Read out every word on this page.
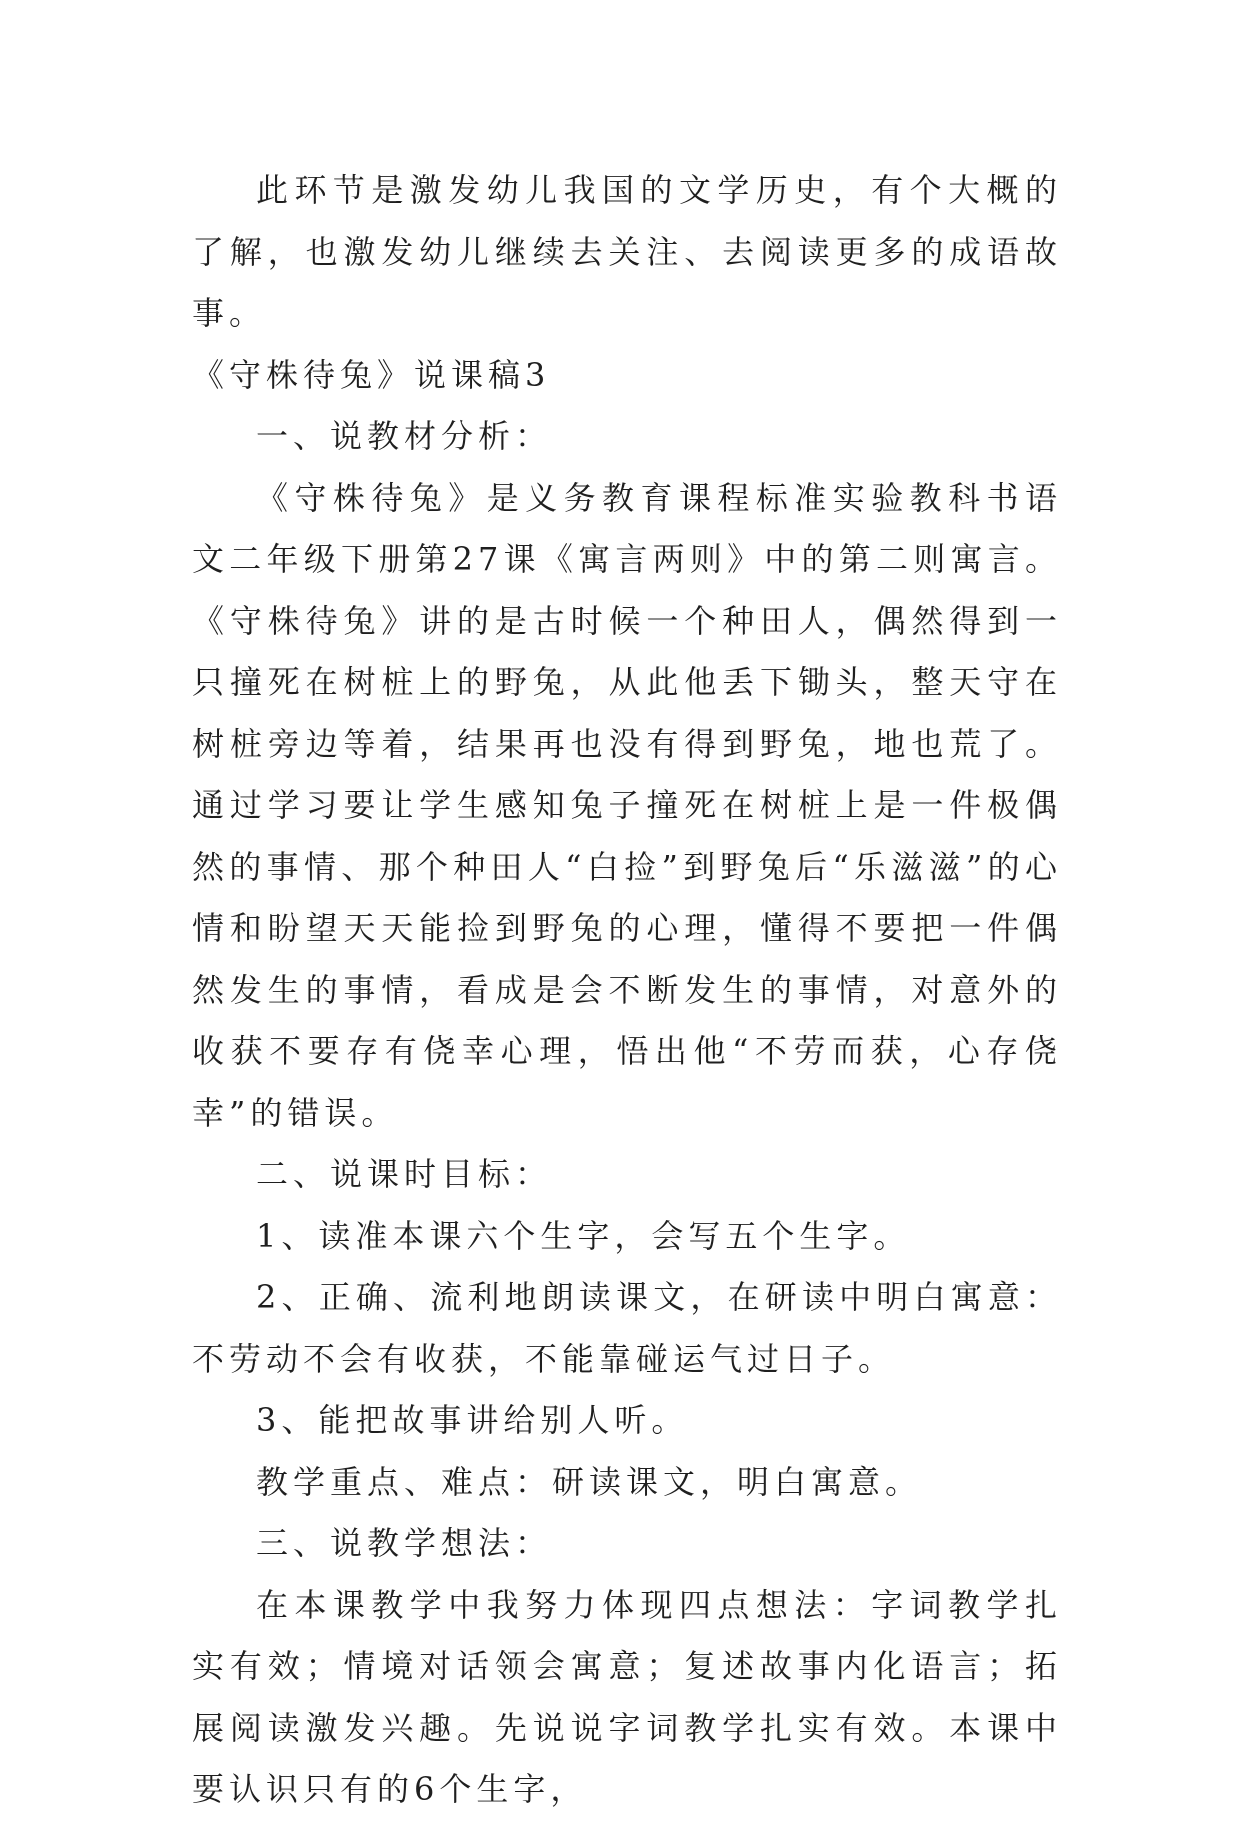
此环节是激发幼儿我国的文学历史，有个大概的了解，也激发幼儿继续去关注、去阅读更多的成语故事。

《守株待兔》说课稿3

一、说教材分析：

《守株待兔》是义务教育课程标准实验教科书语文二年级下册第27课《寓言两则》中的第二则寓言。《守株待兔》讲的是古时候一个种田人，偶然得到一只撞死在树桩上的野兔，从此他丢下锄头，整天守在树桩旁边等着，结果再也没有得到野兔，地也荒了。通过学习要让学生感知兔子撞死在树桩上是一件极偶然的事情、那个种田人“白捡”到野兔后“乐滋滋”的心情和盼望天天能捡到野兔的心理，懂得不要把一件偶然发生的事情，看成是会不断发生的事情，对意外的收获不要存有侥幸心理，悟出他“不劳而获，心存侥幸”的错误。

二、说课时目标：

1、读准本课六个生字，会写五个生字。

2、正确、流利地朗读课文，在研读中明白寓意：不劳动不会有收获，不能靠碰运气过日子。

3、能把故事讲给别人听。

教学重点、难点：研读课文，明白寓意。

三、说教学想法：

在本课教学中我努力体现四点想法：字词教学扎实有效；情境对话领会寓意；复述故事内化语言；拓展阅读激发兴趣。先说说字词教学扎实有效。本课中要认识只有的6个生字，
